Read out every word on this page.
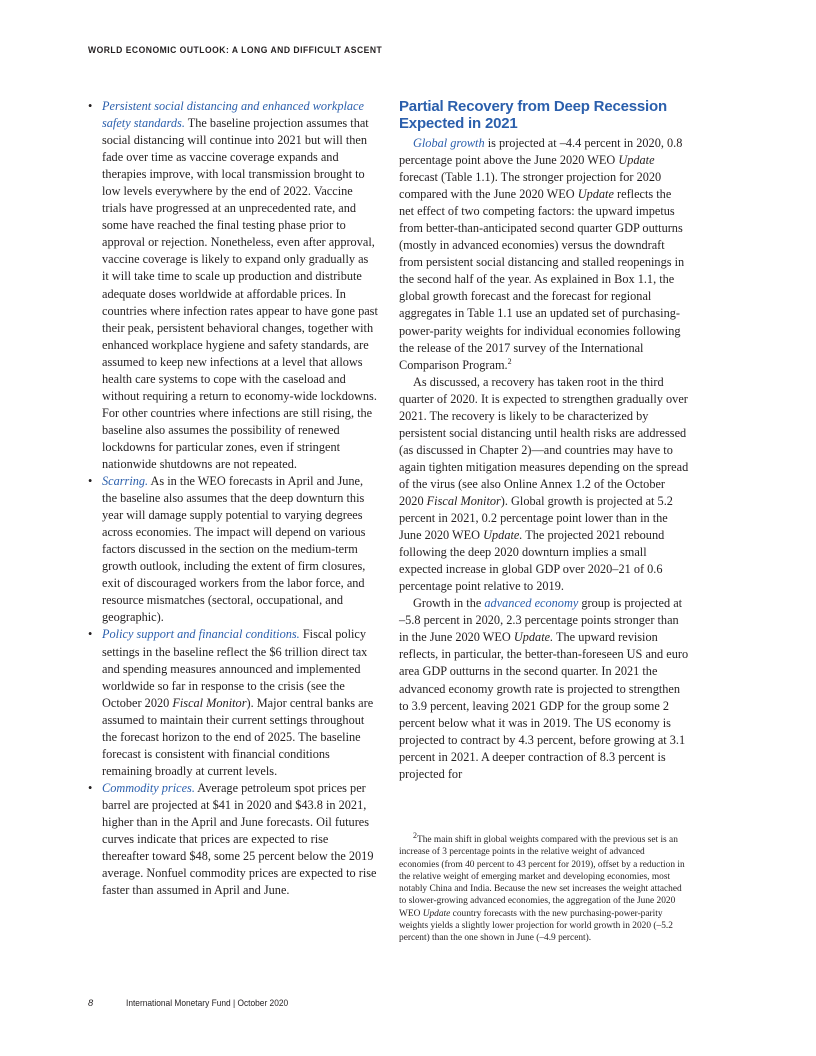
WORLD ECONOMIC OUTLOOK: A LONG AND DIFFICULT ASCENT

• Persistent social distancing and enhanced workplace safety standards. The baseline projection assumes that social distancing will continue into 2021 but will then fade over time as vaccine coverage expands and therapies improve, with local transmission brought to low levels everywhere by the end of 2022. Vaccine trials have progressed at an unprecedented rate, and some have reached the final testing phase prior to approval or rejection. Nonetheless, even after approval, vaccine coverage is likely to expand only gradually as it will take time to scale up production and distribute adequate doses worldwide at affordable prices. In countries where infection rates appear to have gone past their peak, persistent behavioral changes, together with enhanced workplace hygiene and safety standards, are assumed to keep new infections at a level that allows health care systems to cope with the caseload and without requiring a return to economy-wide lockdowns. For other countries where infections are still rising, the baseline also assumes the possibility of renewed lockdowns for particular zones, even if stringent nationwide shutdowns are not repeated.
• Scarring. As in the WEO forecasts in April and June, the baseline also assumes that the deep downturn this year will damage supply potential to varying degrees across economies. The impact will depend on various factors discussed in the section on the medium-term growth outlook, including the extent of firm closures, exit of discouraged workers from the labor force, and resource mismatches (sectoral, occupational, and geographic).
• Policy support and financial conditions. Fiscal policy settings in the baseline reflect the $6 trillion direct tax and spending measures announced and implemented worldwide so far in response to the crisis (see the October 2020 Fiscal Monitor). Major central banks are assumed to maintain their current settings throughout the forecast horizon to the end of 2025. The baseline forecast is consistent with financial conditions remaining broadly at current levels.
• Commodity prices. Average petroleum spot prices per barrel are projected at $41 in 2020 and $43.8 in 2021, higher than in the April and June forecasts. Oil futures curves indicate that prices are expected to rise thereafter toward $48, some 25 percent below the 2019 average. Nonfuel commodity prices are expected to rise faster than assumed in April and June.
Partial Recovery from Deep Recession Expected in 2021

Global growth is projected at –4.4 percent in 2020, 0.8 percentage point above the June 2020 WEO Update forecast (Table 1.1). The stronger projection for 2020 compared with the June 2020 WEO Update reflects the net effect of two competing factors: the upward impetus from better-than-anticipated second quarter GDP outturns (mostly in advanced economies) versus the downdraft from persistent social distancing and stalled reopenings in the second half of the year. As explained in Box 1.1, the global growth forecast and the forecast for regional aggregates in Table 1.1 use an updated set of purchasing-power-parity weights for individual economies following the release of the 2017 survey of the International Comparison Program.$^2$

As discussed, a recovery has taken root in the third quarter of 2020. It is expected to strengthen gradually over 2021. The recovery is likely to be characterized by persistent social distancing until health risks are addressed (as discussed in Chapter 2)—and countries may have to again tighten mitigation measures depending on the spread of the virus (see also Online Annex 1.2 of the October 2020 Fiscal Monitor). Global growth is projected at 5.2 percent in 2021, 0.2 percentage point lower than in the June 2020 WEO Update. The projected 2021 rebound following the deep 2020 downturn implies a small expected increase in global GDP over 2020–21 of 0.6 percentage point relative to 2019.

Growth in the advanced economy group is projected at –5.8 percent in 2020, 2.3 percentage points stronger than in the June 2020 WEO Update. The upward revision reflects, in particular, the better-than-foreseen US and euro area GDP outturns in the second quarter. In 2021 the advanced economy growth rate is projected to strengthen to 3.9 percent, leaving 2021 GDP for the group some 2 percent below what it was in 2019. The US economy is projected to contract by 4.3 percent, before growing at 3.1 percent in 2021. A deeper contraction of 8.3 percent is projected for

$^2$The main shift in global weights compared with the previous set is an increase of 3 percentage points in the relative weight of advanced economies (from 40 percent to 43 percent for 2019), offset by a reduction in the relative weight of emerging market and developing economies, most notably China and India. Because the new set increases the weight attached to slower-growing advanced economies, the aggregation of the June 2020 WEO Update country forecasts with the new purchasing-power-parity weights yields a slightly lower projection for world growth in 2020 (–5.2 percent) than the one shown in June (–4.9 percent).

8	International Monetary Fund | October 2020
